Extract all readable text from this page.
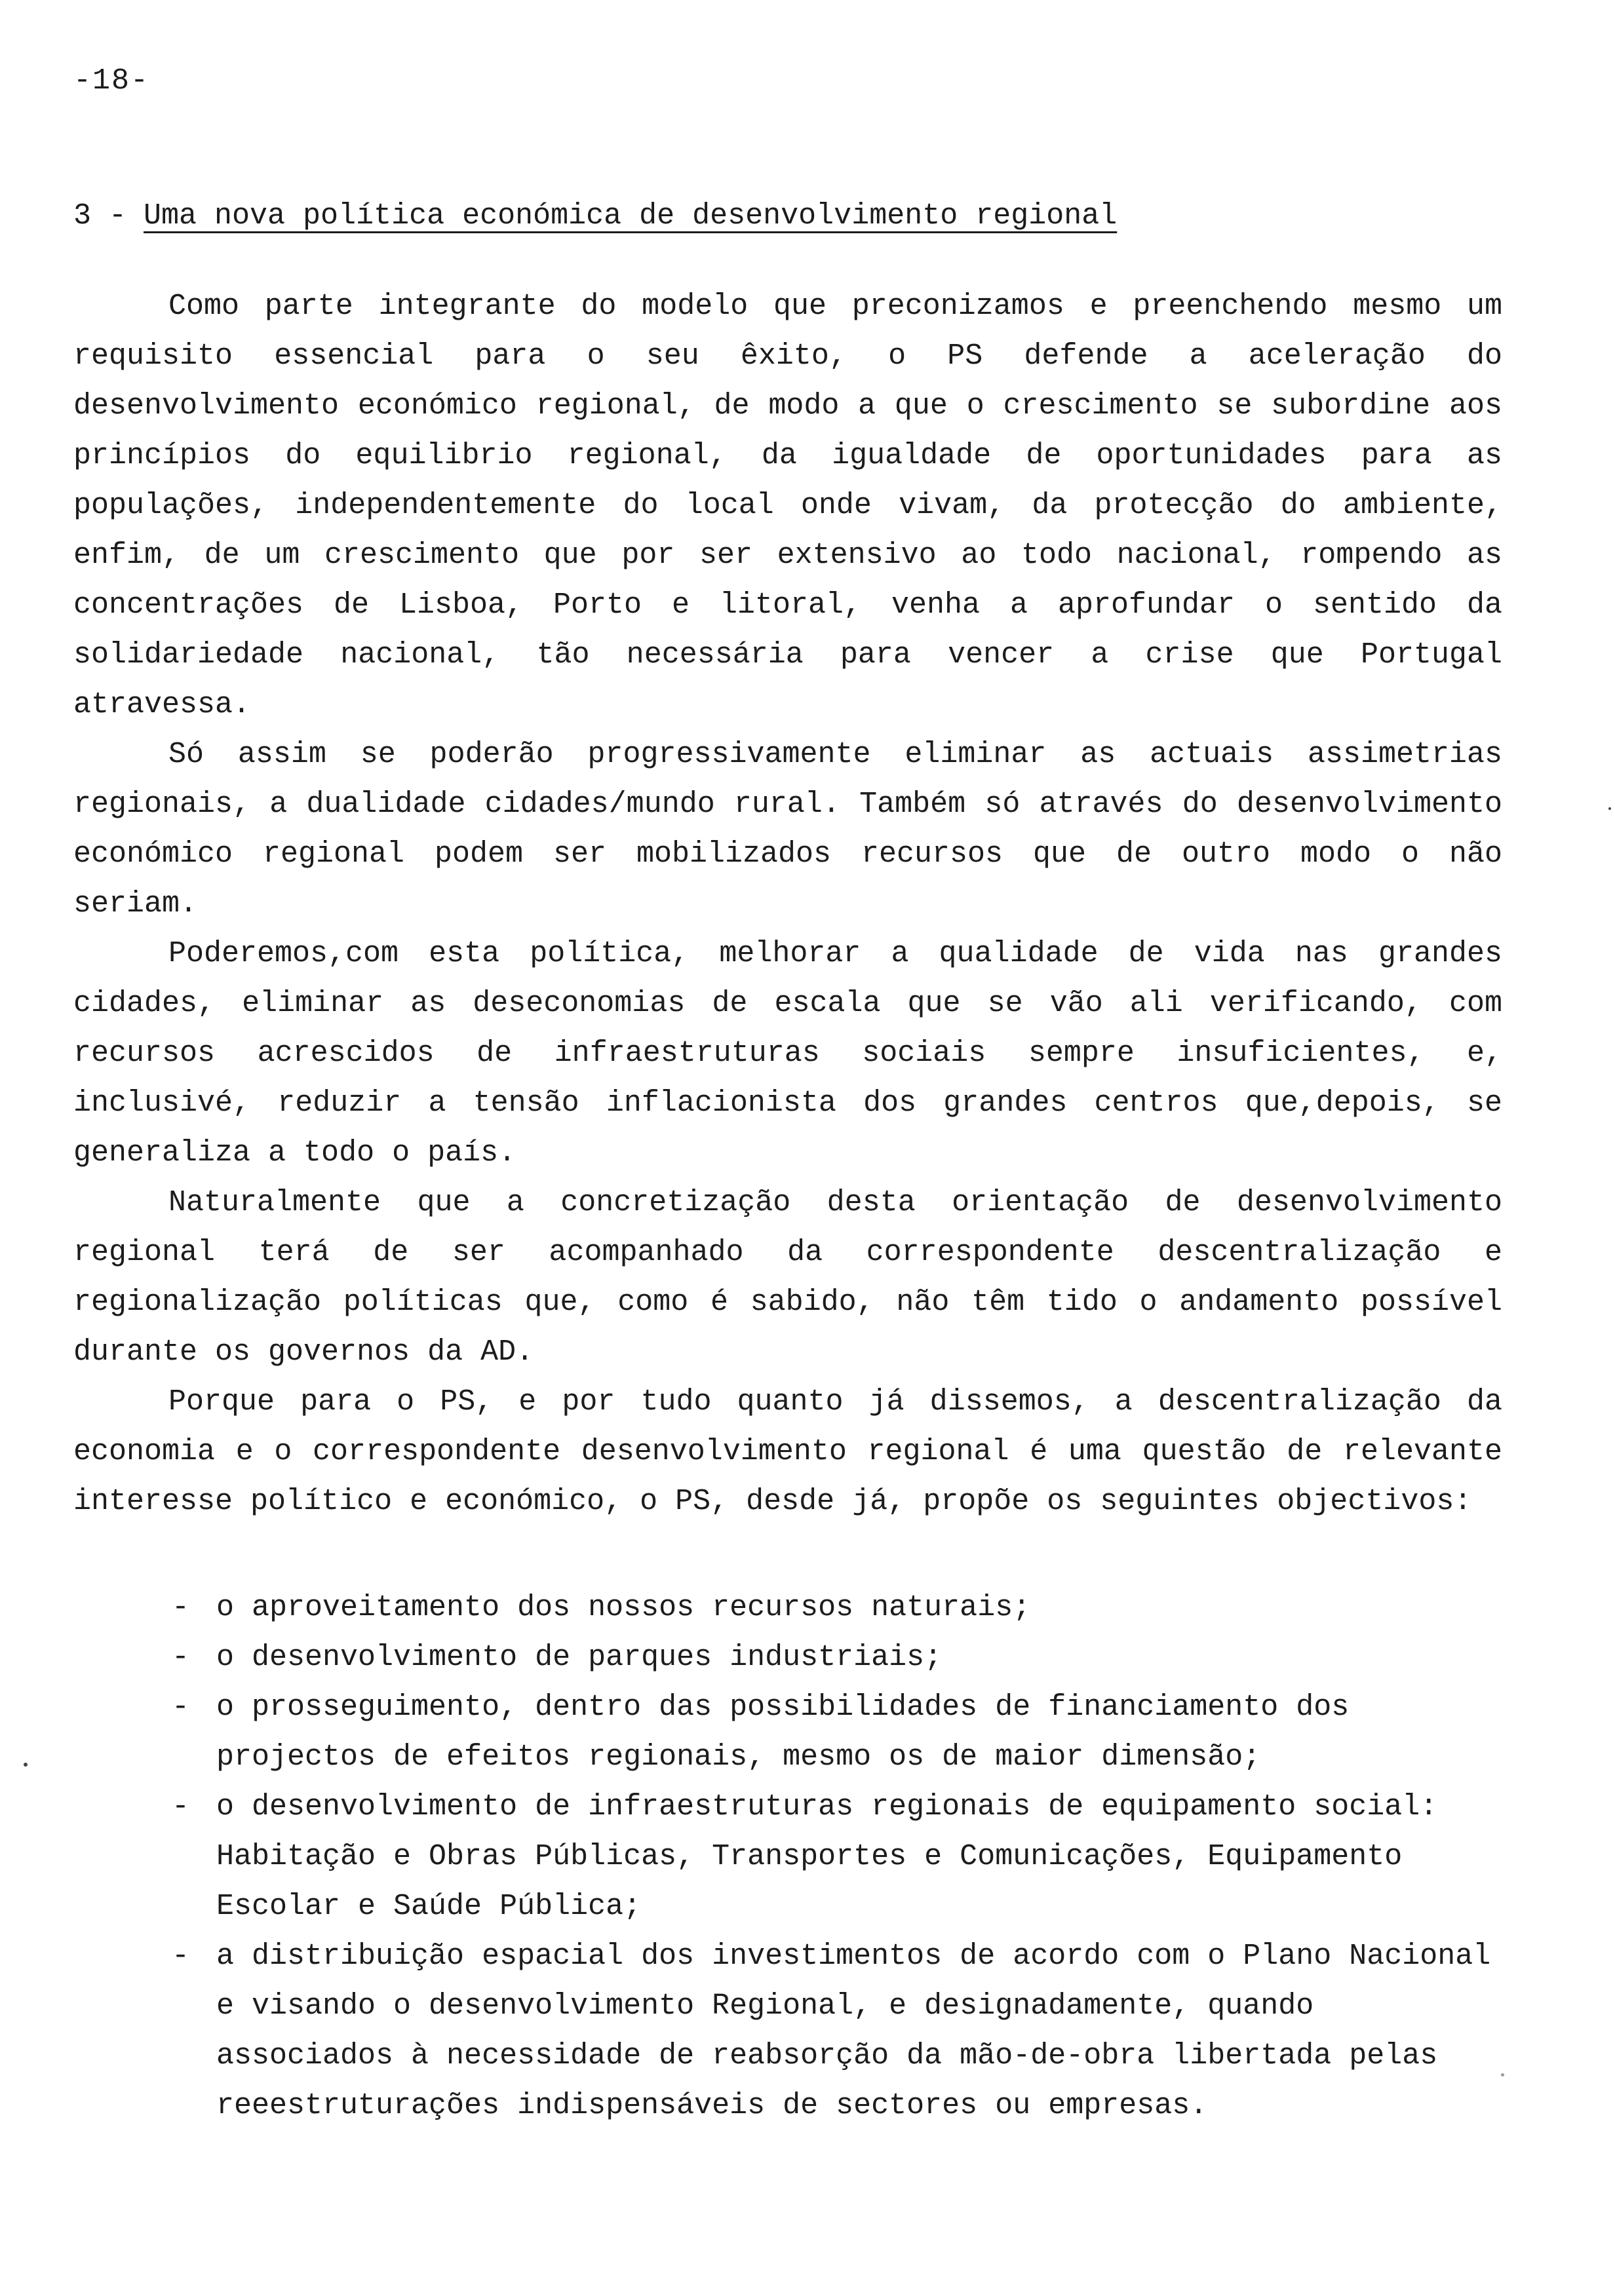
-18-

3 - Uma nova política económica de desenvolvimento regional

Como parte integrante do modelo que preconizamos e preenchendo mesmo um requisito essencial para o seu êxito, o PS defende a aceleração do desenvolvimento económico regional, de modo a que o crescimento se subordine aos princípios do equilibrio regional, da igualdade de oportunidades para as populações, independentemente do local onde vivam, da protecção do ambiente, enfim, de um crescimento que por ser extensivo ao todo nacional, rompendo as concentrações de Lisboa, Porto e litoral, venha a aprofundar o sentido da solidariedade nacional, tão necessária para vencer a crise que Portugal atravessa.

Só assim se poderão progressivamente eliminar as actuais assimetrias regionais, a dualidade cidades/mundo rural. Também só através do desenvolvimento económico regional podem ser mobilizados recursos que de outro modo o não seriam.

Poderemos,com esta política, melhorar a qualidade de vida nas grandes cidades, eliminar as deseconomias de escala que se vão ali verificando, com recursos acrescidos de infraestruturas sociais sempre insuficientes, e, inclusivé, reduzir a tensão inflacionista dos grandes centros que,depois, se generaliza a todo o país.

Naturalmente que a concretização desta orientação de desenvolvimento regional terá de ser acompanhado da correspondente descentralização e regionalização políticas que, como é sabido, não têm tido o andamento possível durante os governos da AD.

Porque para o PS, e por tudo quanto já dissemos, a descentralização da economia e o correspondente desenvolvimento regional é uma questão de relevante interesse político e económico, o PS, desde já, propõe os seguintes objectivos:

- o aproveitamento dos nossos recursos naturais;
- o desenvolvimento de parques industriais;
- o prosseguimento, dentro das possibilidades de financiamento dos projectos de efeitos regionais, mesmo os de maior dimensão;
- o desenvolvimento de infraestruturas regionais de equipamento social: Habitação e Obras Públicas, Transportes e Comunicações, Equipamento Escolar e Saúde Pública;
- a distribuição espacial dos investimentos de acordo com o Plano Nacional e visando o desenvolvimento Regional, e designadamente, quando associados à necessidade de reabsorção da mão-de-obra libertada pelas reeestruturações indispensáveis de sectores ou empresas.
